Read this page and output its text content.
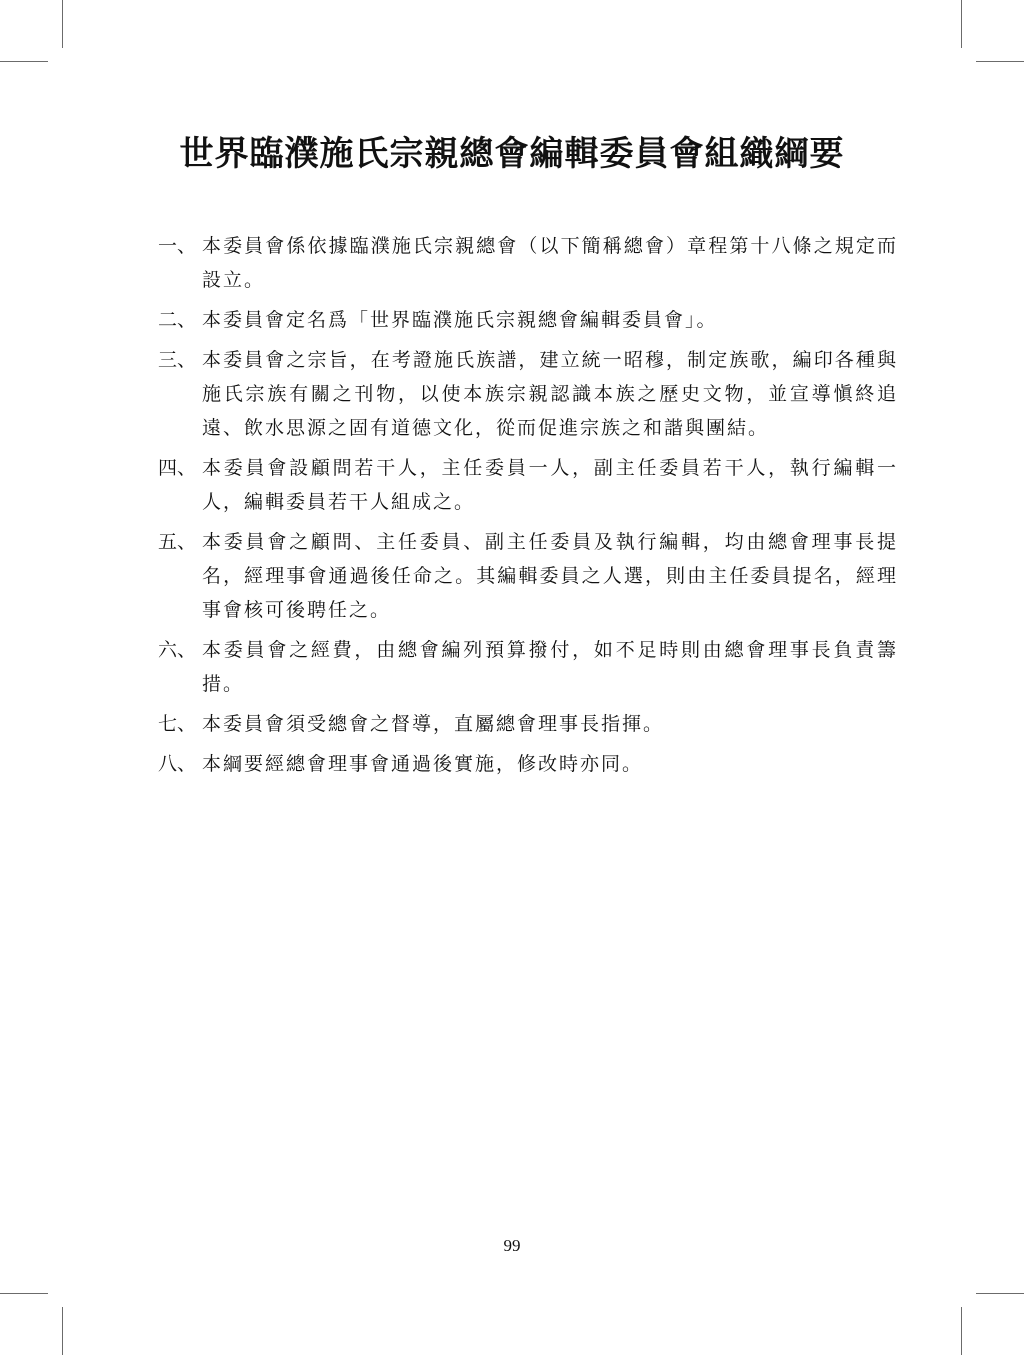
世界臨濮施氏宗親總會編輯委員會組織綱要
一、 本委員會係依據臨濮施氏宗親總會（以下簡稱總會）章程第十八條之規定而設立。
二、 本委員會定名爲「世界臨濮施氏宗親總會編輯委員會」。
三、 本委員會之宗旨，在考證施氏族譜，建立統一昭穆，制定族歌，編印各種與施氏宗族有關之刊物，以使本族宗親認識本族之歷史文物，並宣導愼終追遠、飲水思源之固有道德文化，從而促進宗族之和諧與團結。
四、 本委員會設顧問若干人，主任委員一人，副主任委員若干人，執行編輯一人，編輯委員若干人組成之。
五、 本委員會之顧問、主任委員、副主任委員及執行編輯，均由總會理事長提名，經理事會通過後任命之。其編輯委員之人選，則由主任委員提名，經理事會核可後聘任之。
六、 本委員會之經費，由總會編列預算撥付，如不足時則由總會理事長負責籌措。
七、 本委員會須受總會之督導，直屬總會理事長指揮。
八、 本綱要經總會理事會通過後實施，修改時亦同。

99
